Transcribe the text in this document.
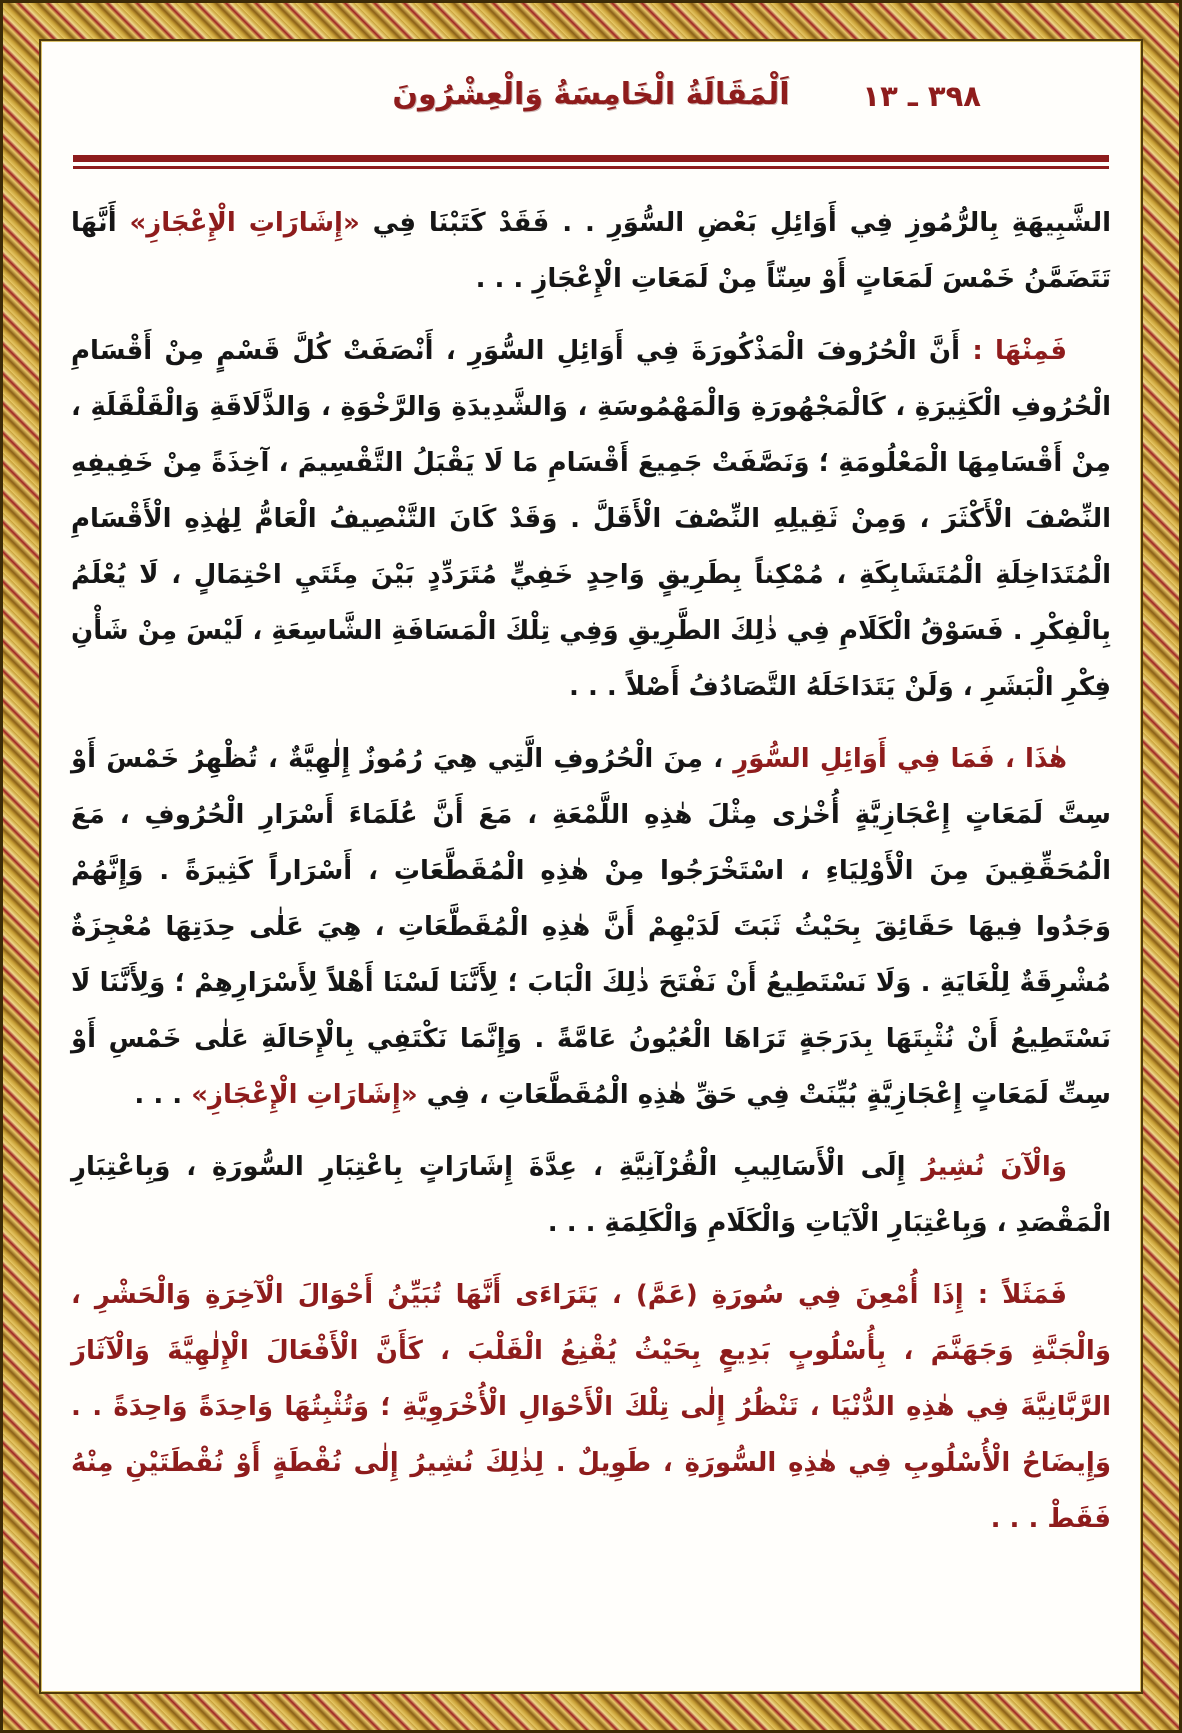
٣٩٨ ـ ١٣
اَلْمَقَالَةُ الْخَامِسَةُ وَالْعِشْرُونَ

الشَّبِيهَةِ بِالرُّمُوزِ فِي أَوَائِلِ بَعْضِ السُّوَرِ . . فَقَدْ كَتَبْنَا فِي «إِشَارَاتِ الْإِعْجَازِ» أَنَّهَا تَتَضَمَّنُ خَمْسَ لَمَعَاتٍ أَوْ سِتّاً مِنْ لَمَعَاتِ الْإِعْجَازِ . . .

فَمِنْهَا : أَنَّ الْحُرُوفَ الْمَذْكُورَةَ فِي أَوَائِلِ السُّوَرِ ، أَنْصَفَتْ كُلَّ قَسْمٍ مِنْ أَقْسَامِ الْحُرُوفِ الْكَثِيرَةِ ، كَالْمَجْهُورَةِ وَالْمَهْمُوسَةِ ، وَالشَّدِيدَةِ وَالرَّخْوَةِ ، وَالذَّلَاقَةِ وَالْقَلْقَلَةِ ، مِنْ أَقْسَامِهَا الْمَعْلُومَةِ ؛ وَنَصَّفَتْ جَمِيعَ أَقْسَامِ مَا لَا يَقْبَلُ التَّقْسِيمَ ، آخِذَةً مِنْ خَفِيفِهِ النِّصْفَ الْأَكْثَرَ ، وَمِنْ ثَقِيلِهِ النِّصْفَ الْأَقَلَّ . وَقَدْ كَانَ التَّنْصِيفُ الْعَامُّ لِهٰذِهِ الْأَقْسَامِ الْمُتَدَاخِلَةِ الْمُتَشَابِكَةِ ، مُمْكِناً بِطَرِيقٍ وَاحِدٍ خَفِيٍّ مُتَرَدِّدٍ بَيْنَ مِئَتَيِ احْتِمَالٍ ، لَا يُعْلَمُ بِالْفِكْرِ . فَسَوْقُ الْكَلَامِ فِي ذٰلِكَ الطَّرِيقِ وَفِي تِلْكَ الْمَسَافَةِ الشَّاسِعَةِ ، لَيْسَ مِنْ شَأْنِ فِكْرِ الْبَشَرِ ، وَلَنْ يَتَدَاخَلَهُ التَّصَادُفُ أَصْلاً . . .

هٰذَا ، فَمَا فِي أَوَائِلِ السُّوَرِ ، مِنَ الْحُرُوفِ الَّتِي هِيَ رُمُوزٌ إِلٰهِيَّةٌ ، تُظْهِرُ خَمْسَ أَوْ سِتَّ لَمَعَاتٍ إِعْجَازِيَّةٍ أُخْرٰى مِثْلَ هٰذِهِ اللَّمْعَةِ ، مَعَ أَنَّ عُلَمَاءَ أَسْرَارِ الْحُرُوفِ ، مَعَ الْمُحَقِّقِينَ مِنَ الْأَوْلِيَاءِ ، اسْتَخْرَجُوا مِنْ هٰذِهِ الْمُقَطَّعَاتِ ، أَسْرَاراً كَثِيرَةً . وَإِنَّهُمْ وَجَدُوا فِيهَا حَقَائِقَ بِحَيْثُ ثَبَتَ لَدَيْهِمْ أَنَّ هٰذِهِ الْمُقَطَّعَاتِ ، هِيَ عَلٰى حِدَتِهَا مُعْجِزَةٌ مُشْرِقَةٌ لِلْغَايَةِ . وَلَا نَسْتَطِيعُ أَنْ نَفْتَحَ ذٰلِكَ الْبَابَ ؛ لِأَنَّنَا لَسْنَا أَهْلاً لِأَسْرَارِهِمْ ؛ وَلِأَنَّنَا لَا نَسْتَطِيعُ أَنْ نُثْبِتَهَا بِدَرَجَةٍ تَرَاهَا الْعُيُونُ عَامَّةً . وَإِنَّمَا نَكْتَفِي بِالْإِحَالَةِ عَلٰى خَمْسِ أَوْ سِتِّ لَمَعَاتٍ إِعْجَازِيَّةٍ بُيِّنَتْ فِي حَقِّ هٰذِهِ الْمُقَطَّعَاتِ ، فِي «إِشَارَاتِ الْإِعْجَازِ» . . .

وَالْآنَ نُشِيرُ إِلَى الْأَسَالِيبِ الْقُرْآنِيَّةِ ، عِدَّةَ إِشَارَاتٍ بِاعْتِبَارِ السُّورَةِ ، وَبِاعْتِبَارِ الْمَقْصَدِ ، وَبِاعْتِبَارِ الْآيَاتِ وَالْكَلَامِ وَالْكَلِمَةِ . . .

فَمَثَلاً : إِذَا أُمْعِنَ فِي سُورَةِ (عَمَّ) ، يَتَرَاءَى أَنَّهَا تُبَيِّنُ أَحْوَالَ الْآخِرَةِ وَالْحَشْرِ ، وَالْجَنَّةِ وَجَهَنَّمَ ، بِأُسْلُوبٍ بَدِيعٍ بِحَيْثُ يُقْنِعُ الْقَلْبَ ، كَأَنَّ الْأَفْعَالَ الْإِلٰهِيَّةَ وَالْآثَارَ الرَّبَّانِيَّةَ فِي هٰذِهِ الدُّنْيَا ، تَنْظُرُ إِلٰى تِلْكَ الْأَحْوَالِ الْأُخْرَوِيَّةِ ؛ وَتُثْبِتُهَا وَاحِدَةً وَاحِدَةً . . وَإِيضَاحُ الْأُسْلُوبِ فِي هٰذِهِ السُّورَةِ ، طَوِيلٌ . لِذٰلِكَ نُشِيرُ إِلٰى نُقْطَةٍ أَوْ نُقْطَتَيْنِ مِنْهُ فَقَطْ . . .
